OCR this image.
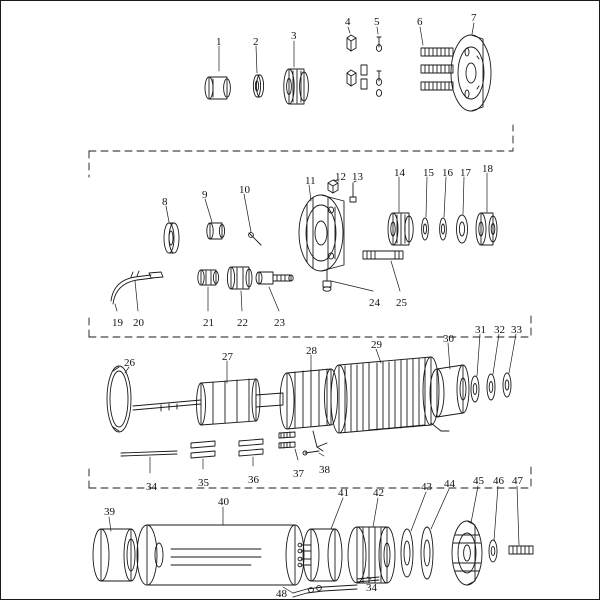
1	2	3
4 5	6	7
8
9	10
11 12 13	14 15 16 17 18
19 20	21 22 23
24 25
26	27	28	29	30
31 32 33
34	35	36	37 38
39
40
41 42	43 44 45 46 47
48	34
